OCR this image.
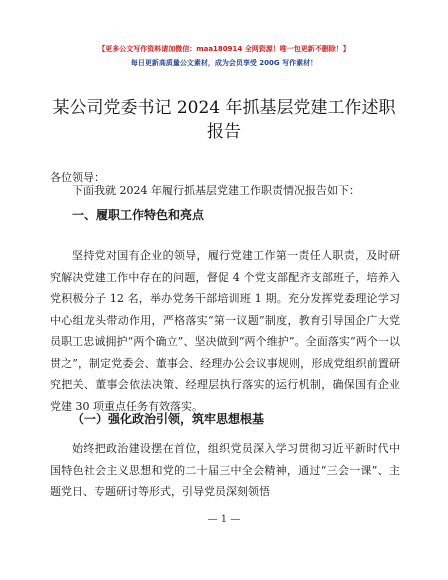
【更多公文写作资料请加微信：maa180914 全网资源！唯一包更新不删除！】
每日更新高质量公文素材，成为会员享受 200G 写作素材！
某公司党委书记 2024 年抓基层党建工作述职报告
各位领导：

下面我就 2024 年履行抓基层党建工作职责情况报告如下：

一、履职工作特色和亮点

坚持党对国有企业的领导，履行党建工作第一责任人职责，及时研究解决党建工作中存在的问题，督促 4 个党支部配齐支部班子，培养入党积极分子 12 名，举办党务干部培训班 1 期。充分发挥党委理论学习中心组龙头带动作用，严格落实“第一议题”制度，教育引导国企广大党员职工忠诚拥护“两个确立”、坚决做到“两个维护”。全面落实“两个一以贯之”，制定党委会、董事会、经理办公会议事规则，形成党组织前置研究把关、董事会依法决策、经理层执行落实的运行机制，确保国有企业党建 30 项重点任务有效落实。

（一）强化政治引领，筑牢思想根基

始终把政治建设摆在首位，组织党员深入学习贯彻习近平新时代中国特色社会主义思想和党的二十届三中全会精神，通过“三会一课”、主题党日、专题研讨等形式，引导党员深刻领悟

— 1 —
